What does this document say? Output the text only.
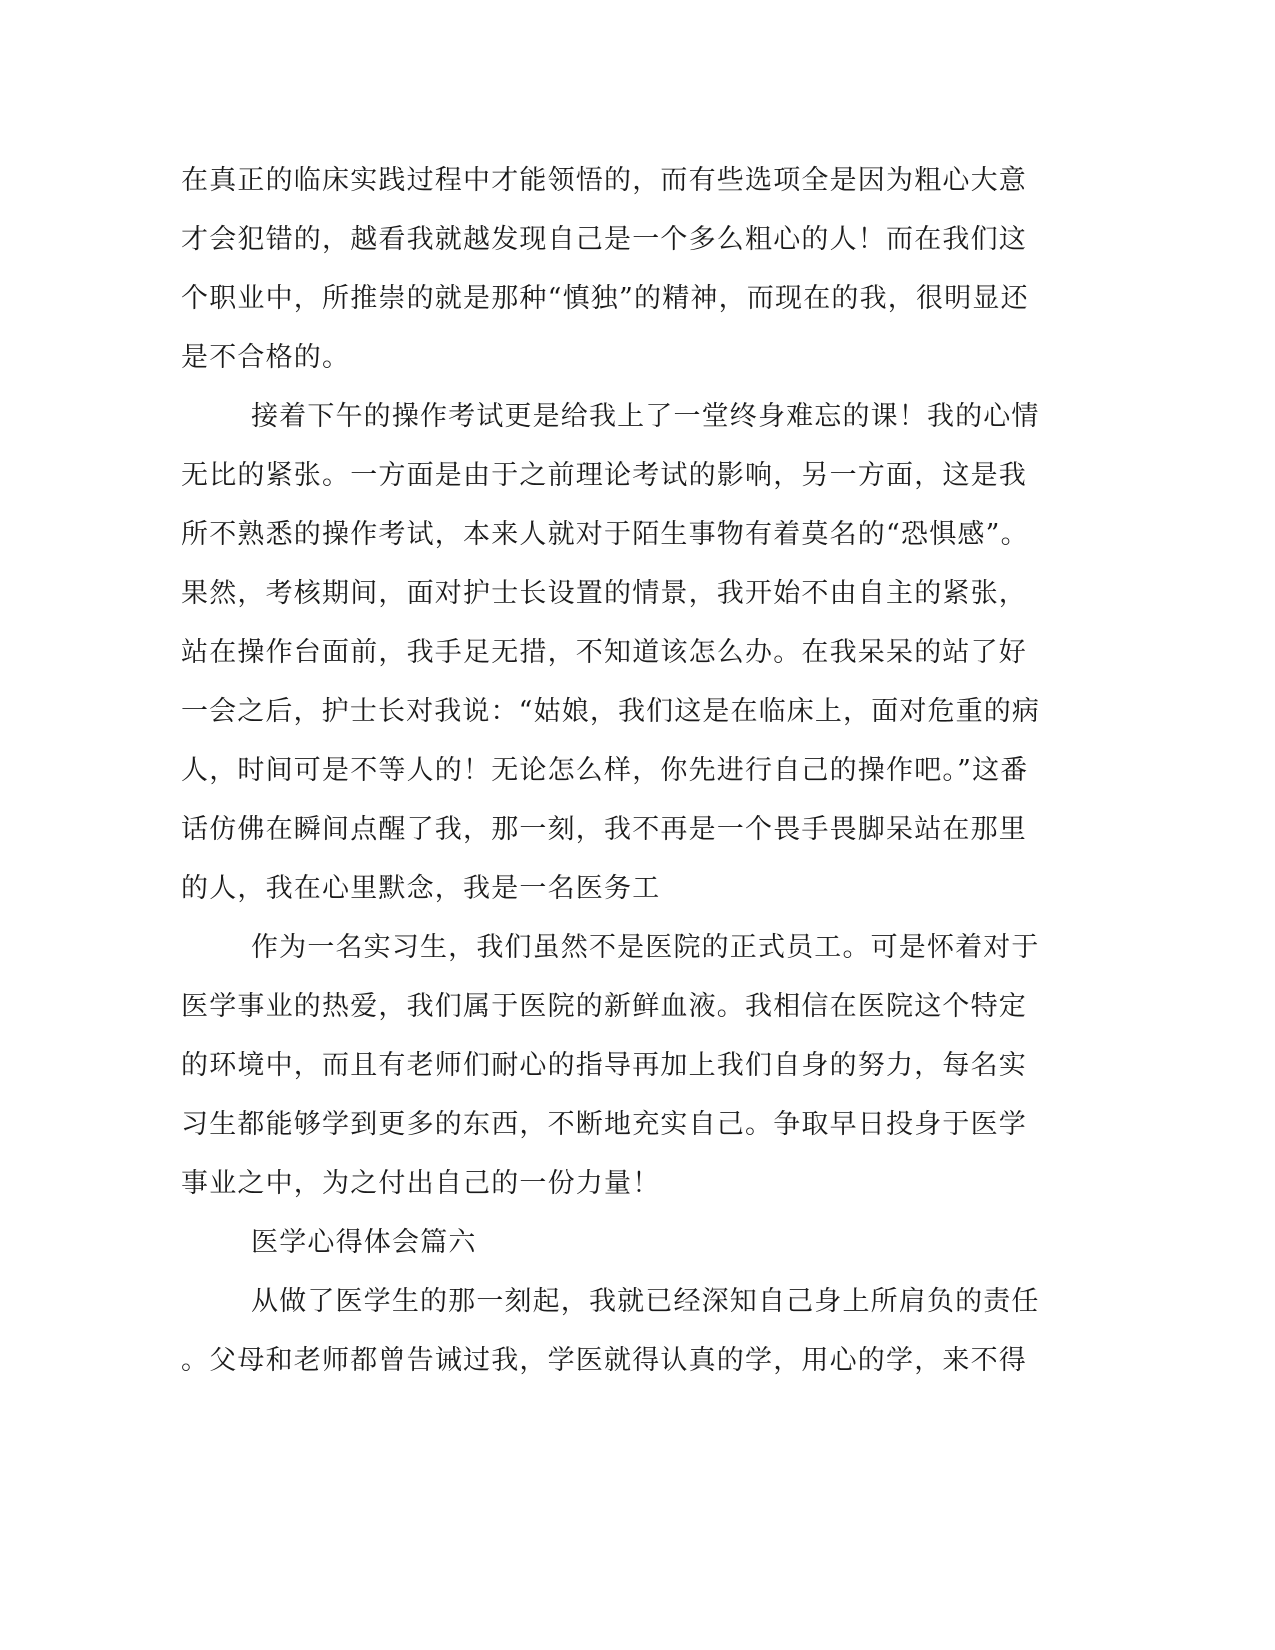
在真正的临床实践过程中才能领悟的，而有些选项全是因为粗心大意
才会犯错的，越看我就越发现自己是一个多么粗心的人！而在我们这
个职业中，所推崇的就是那种“慎独”的精神，而现在的我，很明显还
是不合格的。
接着下午的操作考试更是给我上了一堂终身难忘的课！我的心情
无比的紧张。一方面是由于之前理论考试的影响，另一方面，这是我
所不熟悉的操作考试，本来人就对于陌生事物有着莫名的“恐惧感”。
果然，考核期间，面对护士长设置的情景，我开始不由自主的紧张，
站在操作台面前，我手足无措，不知道该怎么办。在我呆呆的站了好
一会之后，护士长对我说：“姑娘，我们这是在临床上，面对危重的病
人，时间可是不等人的！无论怎么样，你先进行自己的操作吧。”这番
话仿佛在瞬间点醒了我，那一刻，我不再是一个畏手畏脚呆站在那里
的人，我在心里默念，我是一名医务工
作为一名实习生，我们虽然不是医院的正式员工。可是怀着对于
医学事业的热爱，我们属于医院的新鲜血液。我相信在医院这个特定
的环境中，而且有老师们耐心的指导再加上我们自身的努力，每名实
习生都能够学到更多的东西，不断地充实自己。争取早日投身于医学
事业之中，为之付出自己的一份力量！
医学心得体会篇六
从做了医学生的那一刻起，我就已经深知自己身上所肩负的责任
。父母和老师都曾告诫过我，学医就得认真的学，用心的学，来不得
